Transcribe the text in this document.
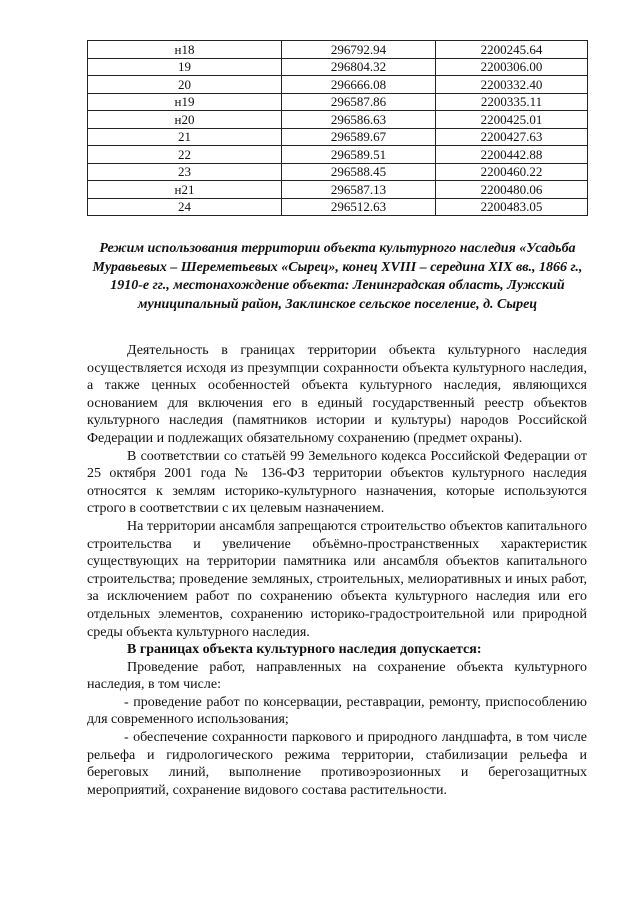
н18	296792.94	2200245.64
19	296804.32	2200306.00
20	296666.08	2200332.40
н19	296587.86	2200335.11
н20	296586.63	2200425.01
21	296589.67	2200427.63
22	296589.51	2200442.88
23	296588.45	2200460.22
н21	296587.13	2200480.06
24	296512.63	2200483.05
Режим использования территории объекта культурного наследия «Усадьба Муравьевых – Шереметьевых «Сырец», конец XVIII – середина XIX вв., 1866 г., 1910-е гг., местонахождение объекта: Ленинградская область, Лужский муниципальный район, Заклинское сельское поселение, д. Сырец

Деятельность в границах территории объекта культурного наследия осуществляется исходя из презумпции сохранности объекта культурного наследия, а также ценных особенностей объекта культурного наследия, являющихся основанием для включения его в единый государственный реестр объектов культурного наследия (памятников истории и культуры) народов Российской Федерации и подлежащих обязательному сохранению (предмет охраны).

В соответствии со статьёй 99 Земельного кодекса Российской Федерации от 25 октября 2001 года № 136-ФЗ территории объектов культурного наследия относятся к землям историко-культурного назначения, которые используются строго в соответствии с их целевым назначением.

На территории ансамбля запрещаются строительство объектов капитального строительства и увеличение объёмно-пространственных характеристик существующих на территории памятника или ансамбля объектов капитального строительства; проведение земляных, строительных, мелиоративных и иных работ, за исключением работ по сохранению объекта культурного наследия или его отдельных элементов, сохранению историко-градостроительной или природной среды объекта культурного наследия.

В границах объекта культурного наследия допускается:

Проведение работ, направленных на сохранение объекта культурного наследия, в том числе:

- проведение работ по консервации, реставрации, ремонту, приспособлению для современного использования;

- обеспечение сохранности паркового и природного ландшафта, в том числе рельефа и гидрологического режима территории, стабилизации рельефа и береговых линий, выполнение противоэрозионных и берегозащитных мероприятий, сохранение видового состава растительности.
